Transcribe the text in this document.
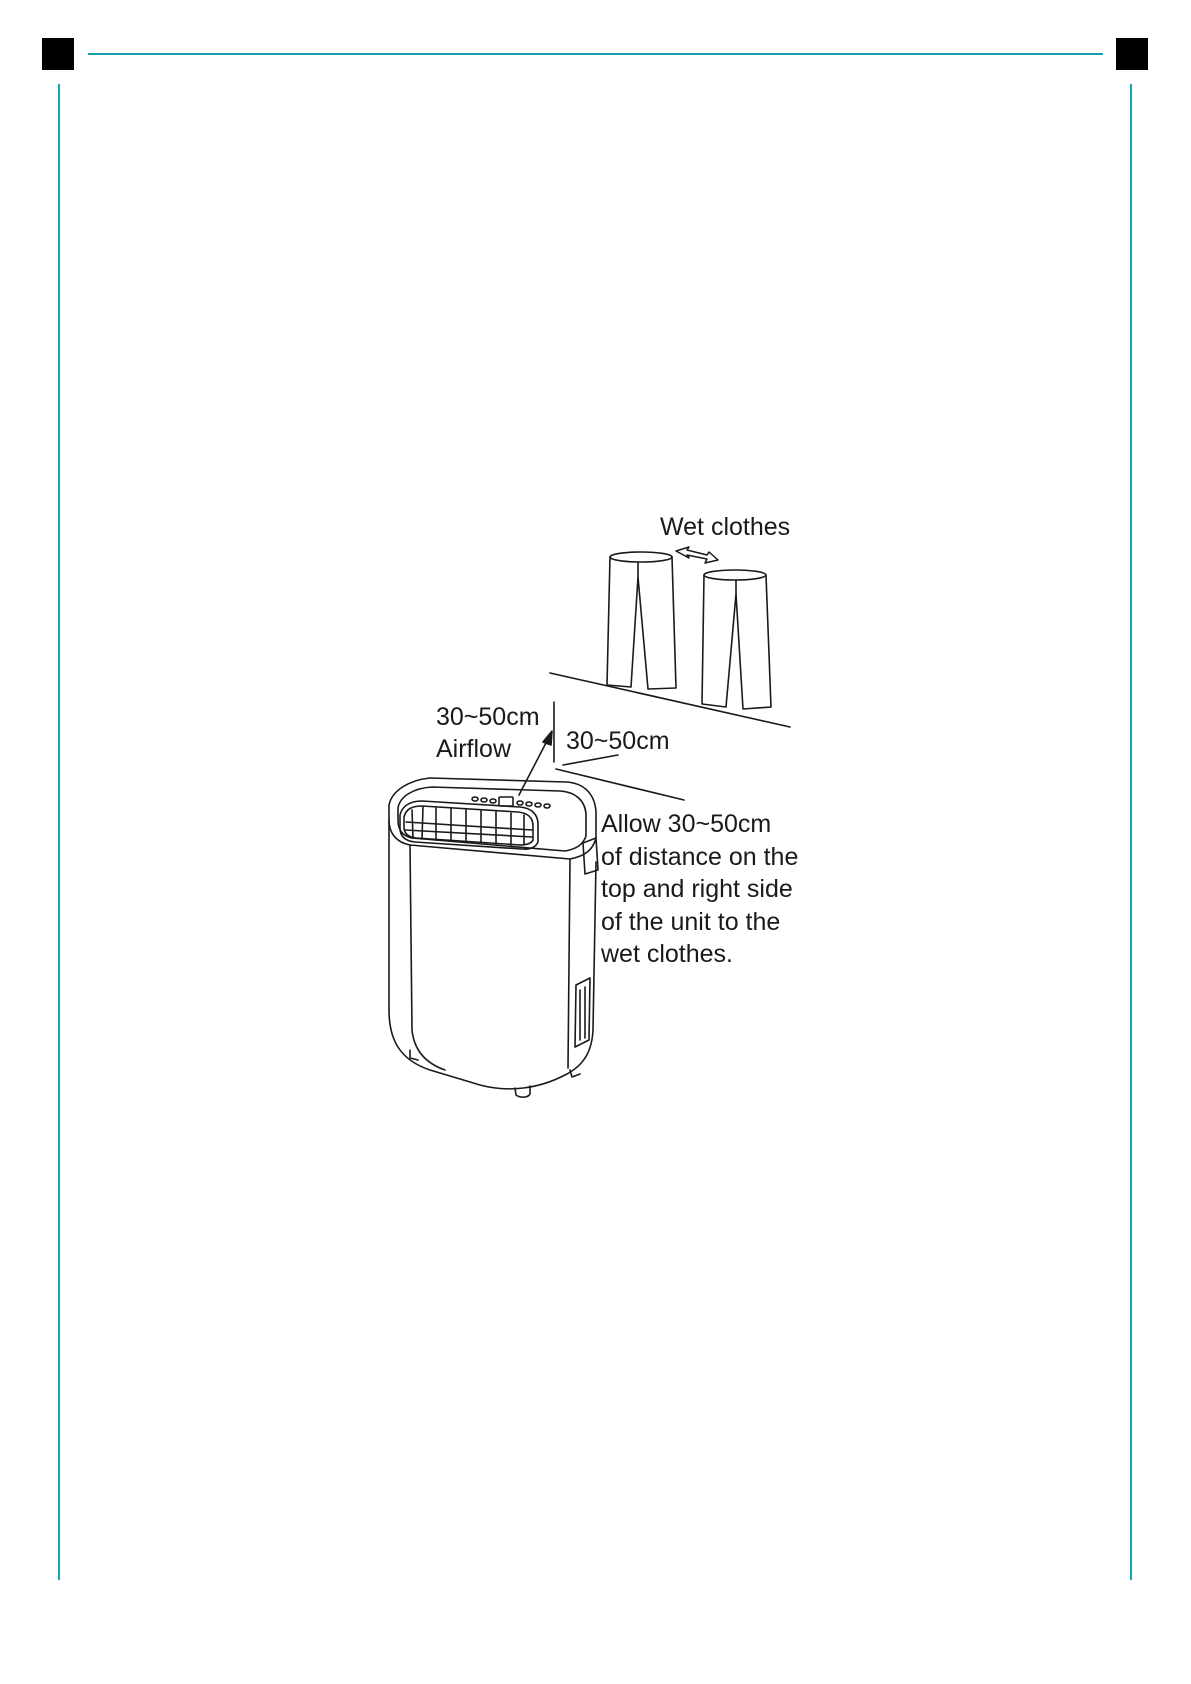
Wet clothes
30~50cm
Airflow 30~50cm
Allow 30~50cm
of distance on the
top and right side
of the unit to the
wet clothes.
